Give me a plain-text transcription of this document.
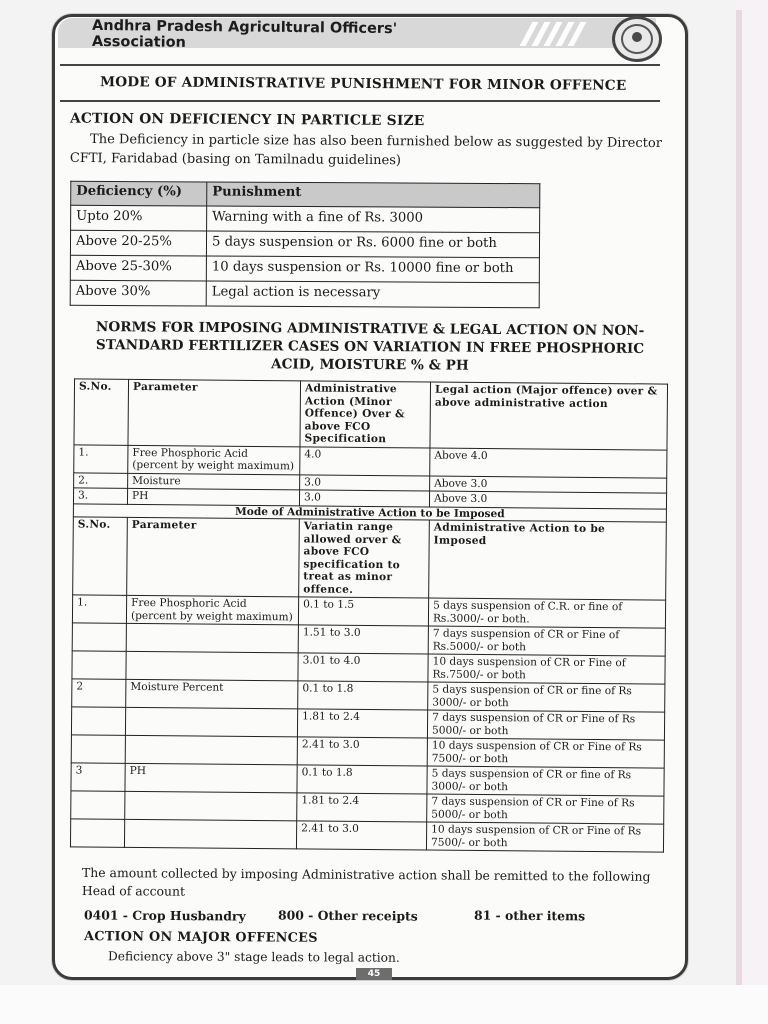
Andhra Pradesh Agricultural Officers' Association
MODE OF ADMINISTRATIVE PUNISHMENT FOR MINOR OFFENCE
ACTION ON DEFICIENCY IN PARTICLE SIZE
The Deficiency in particle size has also been furnished below as suggested by Director CFTI, Faridabad (basing on Tamilnadu guidelines)
Deficiency (%)	Punishment
Upto 20%	Warning with a fine of Rs. 3000
Above 20-25%	5 days suspension or Rs. 6000 fine or both
Above 25-30%	10 days suspension or Rs. 10000 fine or both
Above 30%	Legal action is necessary
NORMS FOR IMPOSING ADMINISTRATIVE & LEGAL ACTION ON NON-STANDARD FERTILIZER CASES ON VARIATION IN FREE PHOSPHORIC ACID, MOISTURE % & PH
S.No.	Parameter	Administrative Action (Minor Offence) Over & above FCO Specification	Legal action (Major offence) over & above administrative action
1.	Free Phosphoric Acid (percent by weight maximum)	4.0	Above 4.0
2.	Moisture	3.0	Above 3.0
3.	PH	3.0	Above 3.0
Mode of Administrative Action to be Imposed			
S.No.	Parameter	Variatin range allowed orver & above FCO specification to treat as minor offence.	Administrative Action to be Imposed
1.	Free Phosphoric Acid (percent by weight maximum)	0.1 to 1.5	5 days suspension of C.R. or fine of Rs.3000/- or both.
		1.51 to 3.0	7 days suspension of CR or Fine of Rs.5000/- or both
		3.01 to 4.0	10 days suspension of CR or Fine of Rs.7500/- or both
2	Moisture Percent	0.1 to 1.8	5 days suspension of CR or fine of Rs 3000/- or both
		1.81 to 2.4	7 days suspension of CR or Fine of Rs 5000/- or both
		2.41 to 3.0	10 days suspension of CR or Fine of Rs 7500/- or both
3	PH	0.1 to 1.8	5 days suspension of CR or fine of Rs 3000/- or both
		1.81 to 2.4	7 days suspension of CR or Fine of Rs 5000/- or both
		2.41 to 3.0	10 days suspension of CR or Fine of Rs 7500/- or both
The amount collected by imposing Administrative action shall be remitted to the following Head of account
0401 - Crop Husbandry	800 - Other receipts	81 - other items
ACTION ON MAJOR OFFENCES
Deficiency above 3" stage leads to legal action.
45
